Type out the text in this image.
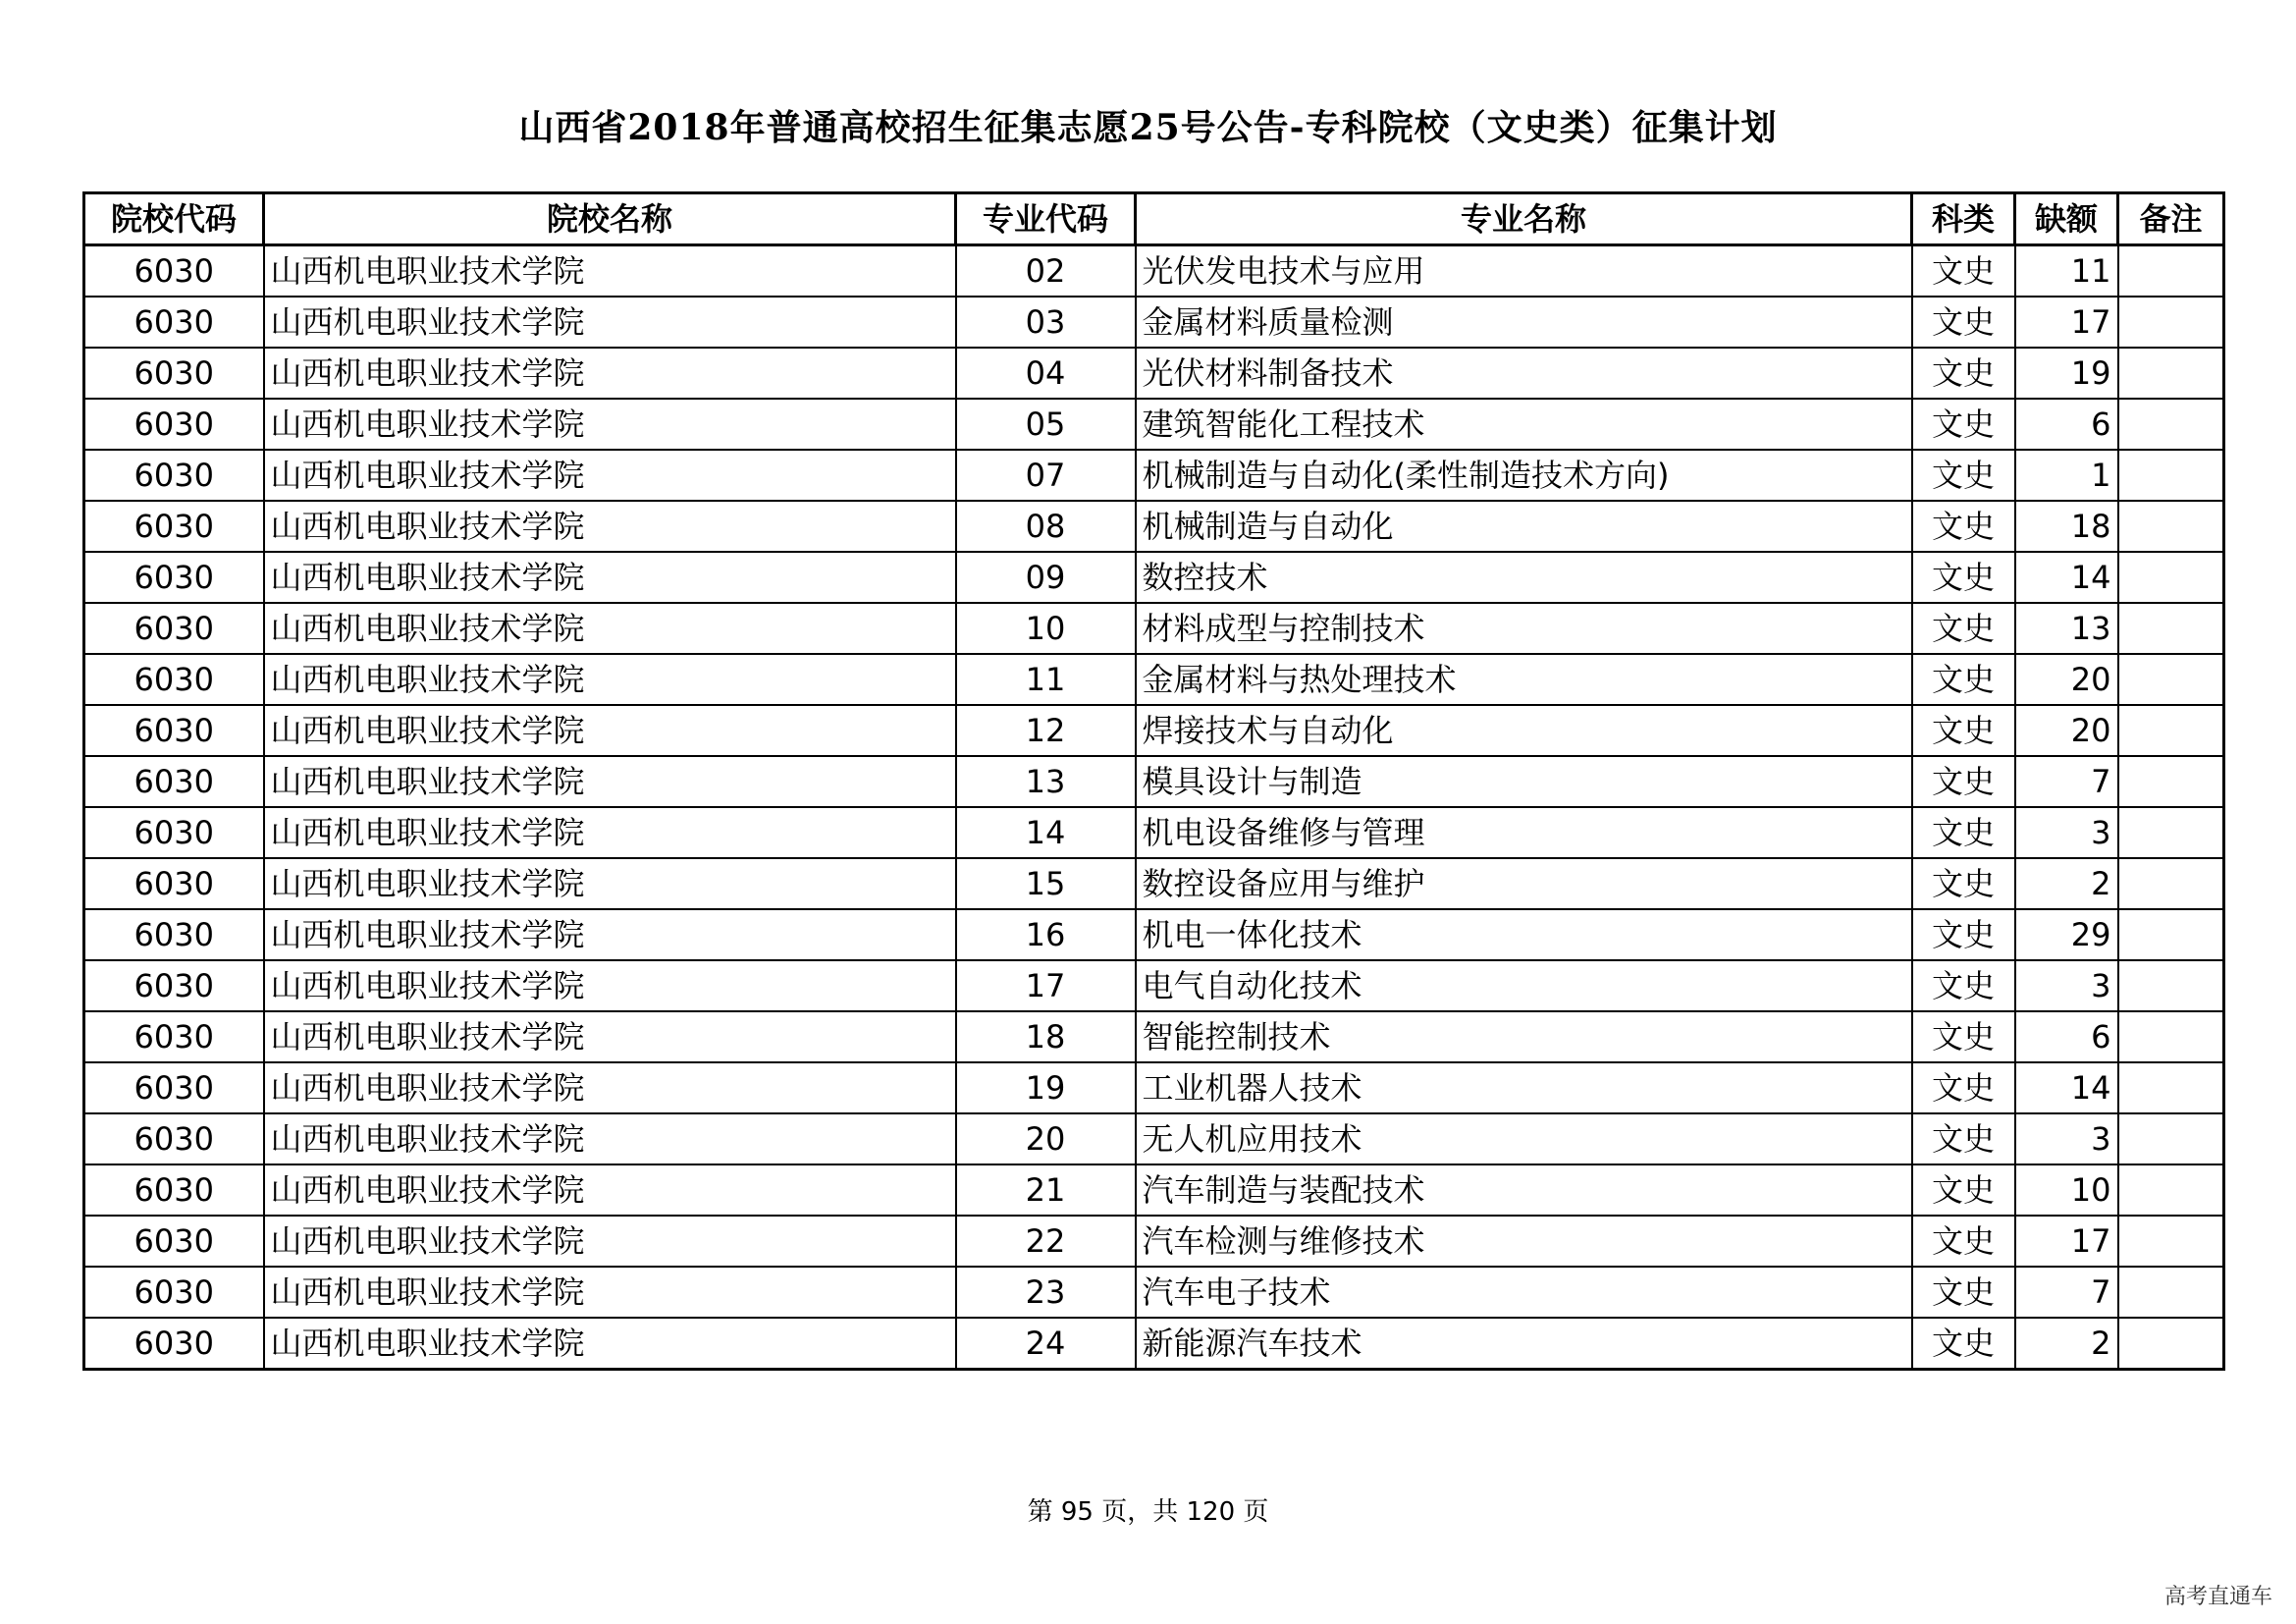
山西省2018年普通高校招生征集志愿25号公告-专科院校（文史类）征集计划
院校代码	院校名称	专业代码	专业名称	科类	缺额	备注
6030	山西机电职业技术学院	02	光伏发电技术与应用	文史	11	
6030	山西机电职业技术学院	03	金属材料质量检测	文史	17	
6030	山西机电职业技术学院	04	光伏材料制备技术	文史	19	
6030	山西机电职业技术学院	05	建筑智能化工程技术	文史	6	
6030	山西机电职业技术学院	07	机械制造与自动化(柔性制造技术方向)	文史	1	
6030	山西机电职业技术学院	08	机械制造与自动化	文史	18	
6030	山西机电职业技术学院	09	数控技术	文史	14	
6030	山西机电职业技术学院	10	材料成型与控制技术	文史	13	
6030	山西机电职业技术学院	11	金属材料与热处理技术	文史	20	
6030	山西机电职业技术学院	12	焊接技术与自动化	文史	20	
6030	山西机电职业技术学院	13	模具设计与制造	文史	7	
6030	山西机电职业技术学院	14	机电设备维修与管理	文史	3	
6030	山西机电职业技术学院	15	数控设备应用与维护	文史	2	
6030	山西机电职业技术学院	16	机电一体化技术	文史	29	
6030	山西机电职业技术学院	17	电气自动化技术	文史	3	
6030	山西机电职业技术学院	18	智能控制技术	文史	6	
6030	山西机电职业技术学院	19	工业机器人技术	文史	14	
6030	山西机电职业技术学院	20	无人机应用技术	文史	3	
6030	山西机电职业技术学院	21	汽车制造与装配技术	文史	10	
6030	山西机电职业技术学院	22	汽车检测与维修技术	文史	17	
6030	山西机电职业技术学院	23	汽车电子技术	文史	7	
6030	山西机电职业技术学院	24	新能源汽车技术	文史	2	
第 95 页，共 120 页
高考直通车
